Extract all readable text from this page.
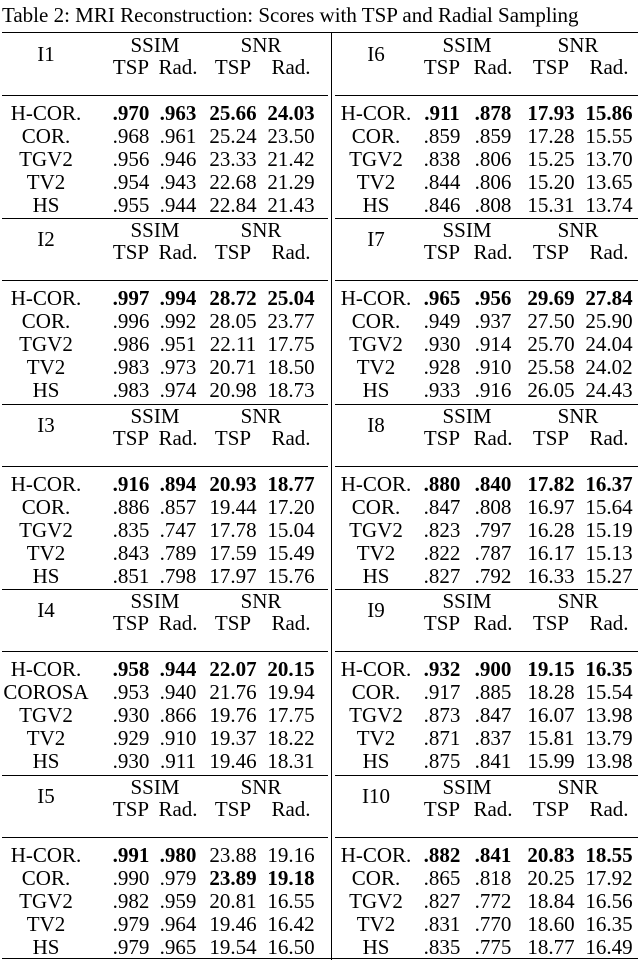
Table 2: MRI Reconstruction: Scores with TSP and Radial Sampling
I1	SSIM	SNR
TSP Rad. TSP Rad.
H-COR. .970 .963 25.66 24.03
COR. .968 .961 25.24 23.50
TGV2 .956 .946 23.33 21.42
TV2 .954 .943 22.68 21.29
HS	.955 .944 22.84 21.43
I6	SSIM	SNR
TSP Rad. TSP Rad.
H-COR. .911 .878 17.93 15.86
COR. .859 .859 17.28 15.55
TGV2 .838 .806 15.25 13.70
TV2 .844 .806 15.20 13.65
HS .846 .808 15.31 13.74
I2	SSIM	SNR
TSP Rad. TSP Rad.
H-COR. .997 .994 28.72 25.04
COR. .996 .992 28.05 23.77
TGV2 .986 .951 22.11 17.75
TV2 .983 .973 20.71 18.50
HS	.983 .974 20.98 18.73
I7	SSIM	SNR
TSP Rad. TSP Rad.
H-COR. .965 .956 29.69 27.84
COR. .949 .937 27.50 25.90
TGV2 .930 .914 25.70 24.04
TV2 .928 .910 25.58 24.02
HS .933 .916 26.05 24.43
I3	SSIM	SNR
TSP Rad. TSP Rad.
H-COR. .916 .894 20.93 18.77
COR. .886 .857 19.44 17.20
TGV2 .835 .747 17.78 15.04
TV2 .843 .789 17.59 15.49
HS	.851 .798 17.97 15.76
I8	SSIM	SNR
TSP Rad. TSP Rad.
H-COR. .880 .840 17.82 16.37
COR. .847 .808 16.97 15.64
TGV2 .823 .797 16.28 15.19
TV2 .822 .787 16.17 15.13
HS .827 .792 16.33 15.27
I4	SSIM	SNR
TSP Rad. TSP Rad.
H-COR. .958 .944 22.07 20.15
COROSA .953 .940 21.76 19.94
TGV2 .930 .866 19.76 17.75
TV2 .929 .910 19.37 18.22
HS	.930 .911 19.46 18.31
I9	SSIM	SNR
TSP Rad. TSP Rad.
H-COR. .932 .900 19.15 16.35
COR. .917 .885 18.28 15.54
TGV2 .873 .847 16.07 13.98
TV2 .871 .837 15.81 13.79
HS .875 .841 15.99 13.98
I5	SSIM	SNR
TSP Rad. TSP Rad.
H-COR. .991 .980 23.88 19.16
COR. .990 .979 23.89 19.18
TGV2 .982 .959 20.81 16.55
TV2 .979 .964 19.46 16.42
HS	.979 .965 19.54 16.50
I10 SSIM	SNR
TSP Rad. TSP Rad.
H-COR. .882 .841 20.83 18.55
COR. .865 .818 20.25 17.92
TGV2 .827 .772 18.84 16.56
TV2 .831 .770 18.60 16.35
HS .835 .775 18.77 16.49
